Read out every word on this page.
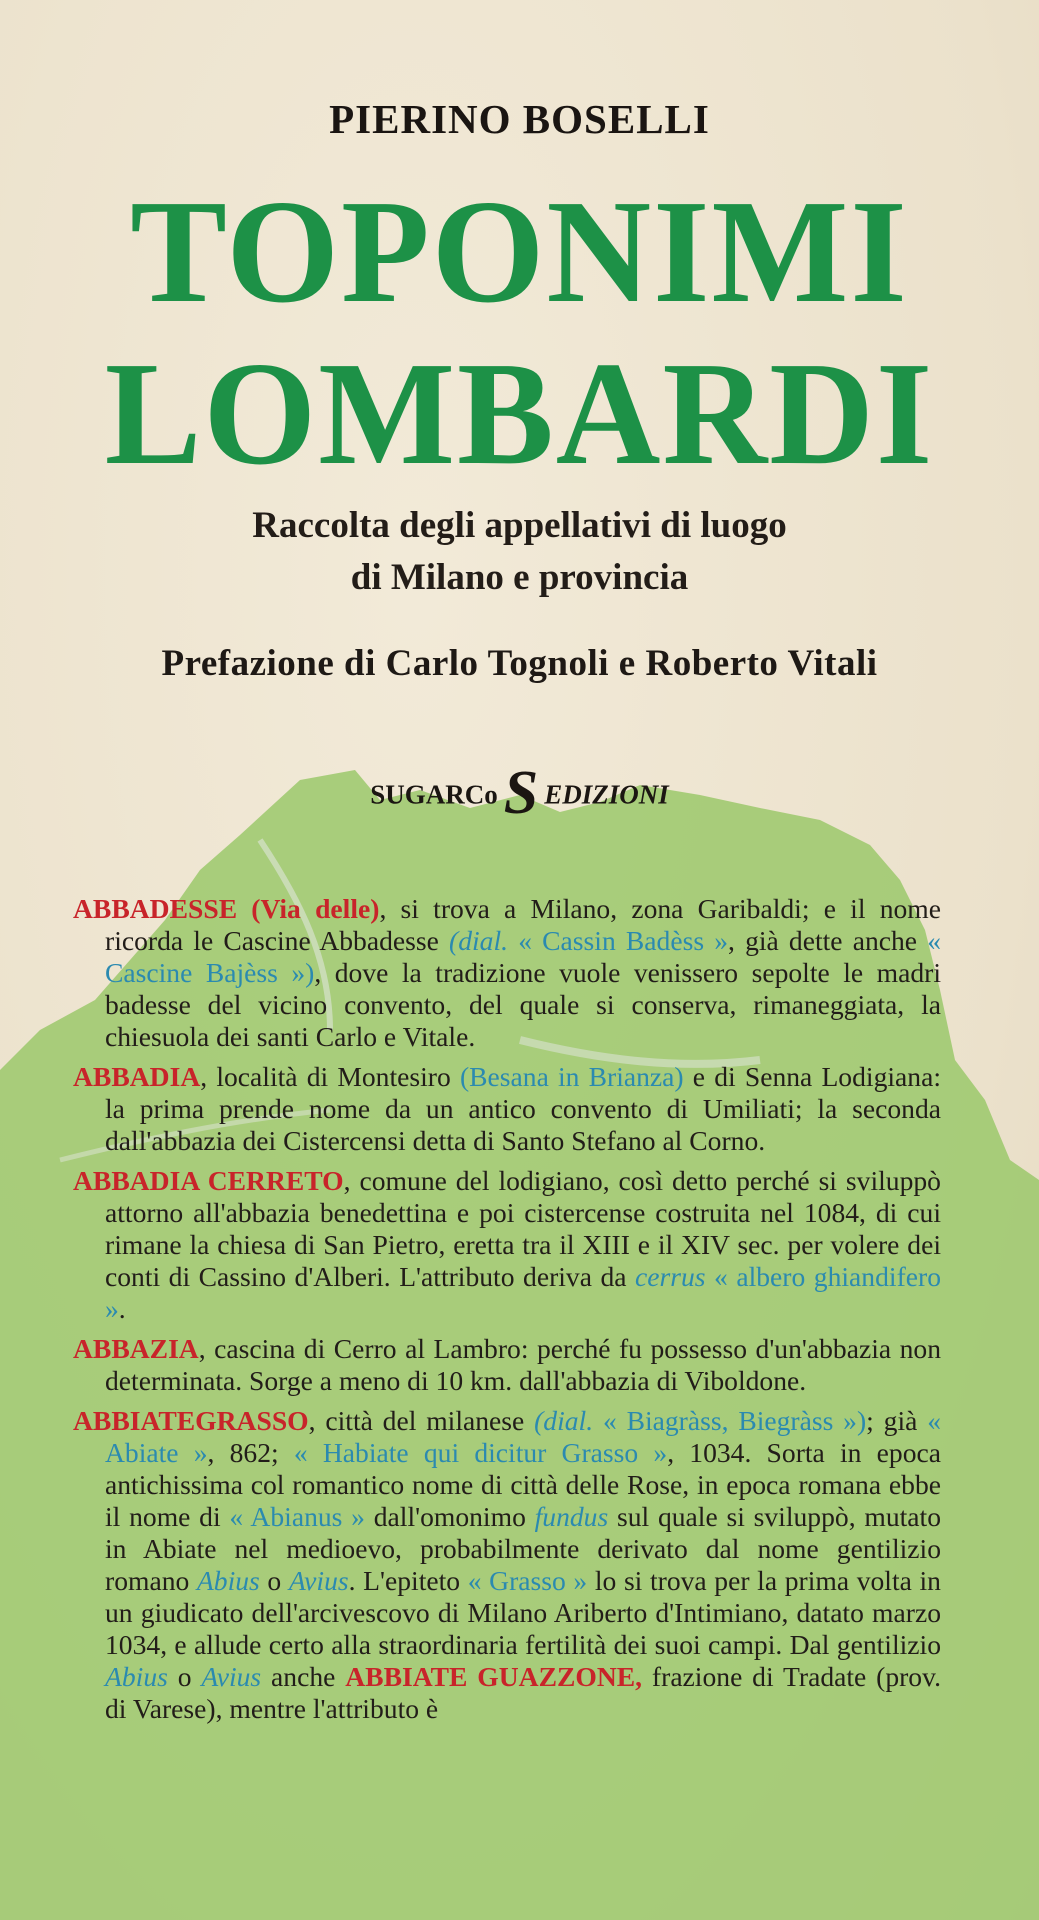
PIERINO BOSELLI
TOPONIMI
LOMBARDI
Raccolta degli appellativi di luogo
di Milano e provincia
Prefazione di Carlo Tognoli e Roberto Vitali
SUGARCoS EDIZIONI

ABBADESSE (Via delle), si trova a Milano, zona Garibaldi; e il nome ricorda le Cascine Abbadesse (dial. « Cassin Badèss », già dette anche « Cascine Bajèss »), dove la tradizione vuole venissero sepolte le madri badesse del vicino convento, del quale si conserva, rimaneggiata, la chiesuola dei santi Carlo e Vitale.

ABBADIA, località di Montesiro (Besana in Brianza) e di Senna Lodigiana: la prima prende nome da un antico convento di Umiliati; la seconda dall'abbazia dei Cistercensi detta di Santo Stefano al Corno.

ABBADIA CERRETO, comune del lodigiano, così detto perché si sviluppò attorno all'abbazia benedettina e poi cistercense costruita nel 1084, di cui rimane la chiesa di San Pietro, eretta tra il XIII e il XIV sec. per volere dei conti di Cassino d'Alberi. L'attributo deriva da cerrus « albero ghiandifero ».

ABBAZIA, cascina di Cerro al Lambro: perché fu possesso d'un'abbazia non determinata. Sorge a meno di 10 km. dall'abbazia di Viboldone.

ABBIATEGRASSO, città del milanese (dial. « Biagràss, Biegràss »); già « Abiate », 862; « Habiate qui dicitur Grasso », 1034. Sorta in epoca antichissima col romantico nome di città delle Rose, in epoca romana ebbe il nome di « Abianus » dall'omonimo fundus sul quale si sviluppò, mutato in Abiate nel medioevo, probabilmente derivato dal nome gentilizio romano Abius o Avius. L'epiteto « Grasso » lo si trova per la prima volta in un giudicato dell'arcivescovo di Milano Ariberto d'Intimiano, datato marzo 1034, e allude certo alla straordinaria fertilità dei suoi campi. Dal gentilizio Abius o Avius anche ABBIATE GUAZZONE, frazione di Tradate (prov. di Varese), mentre l'attributo è
